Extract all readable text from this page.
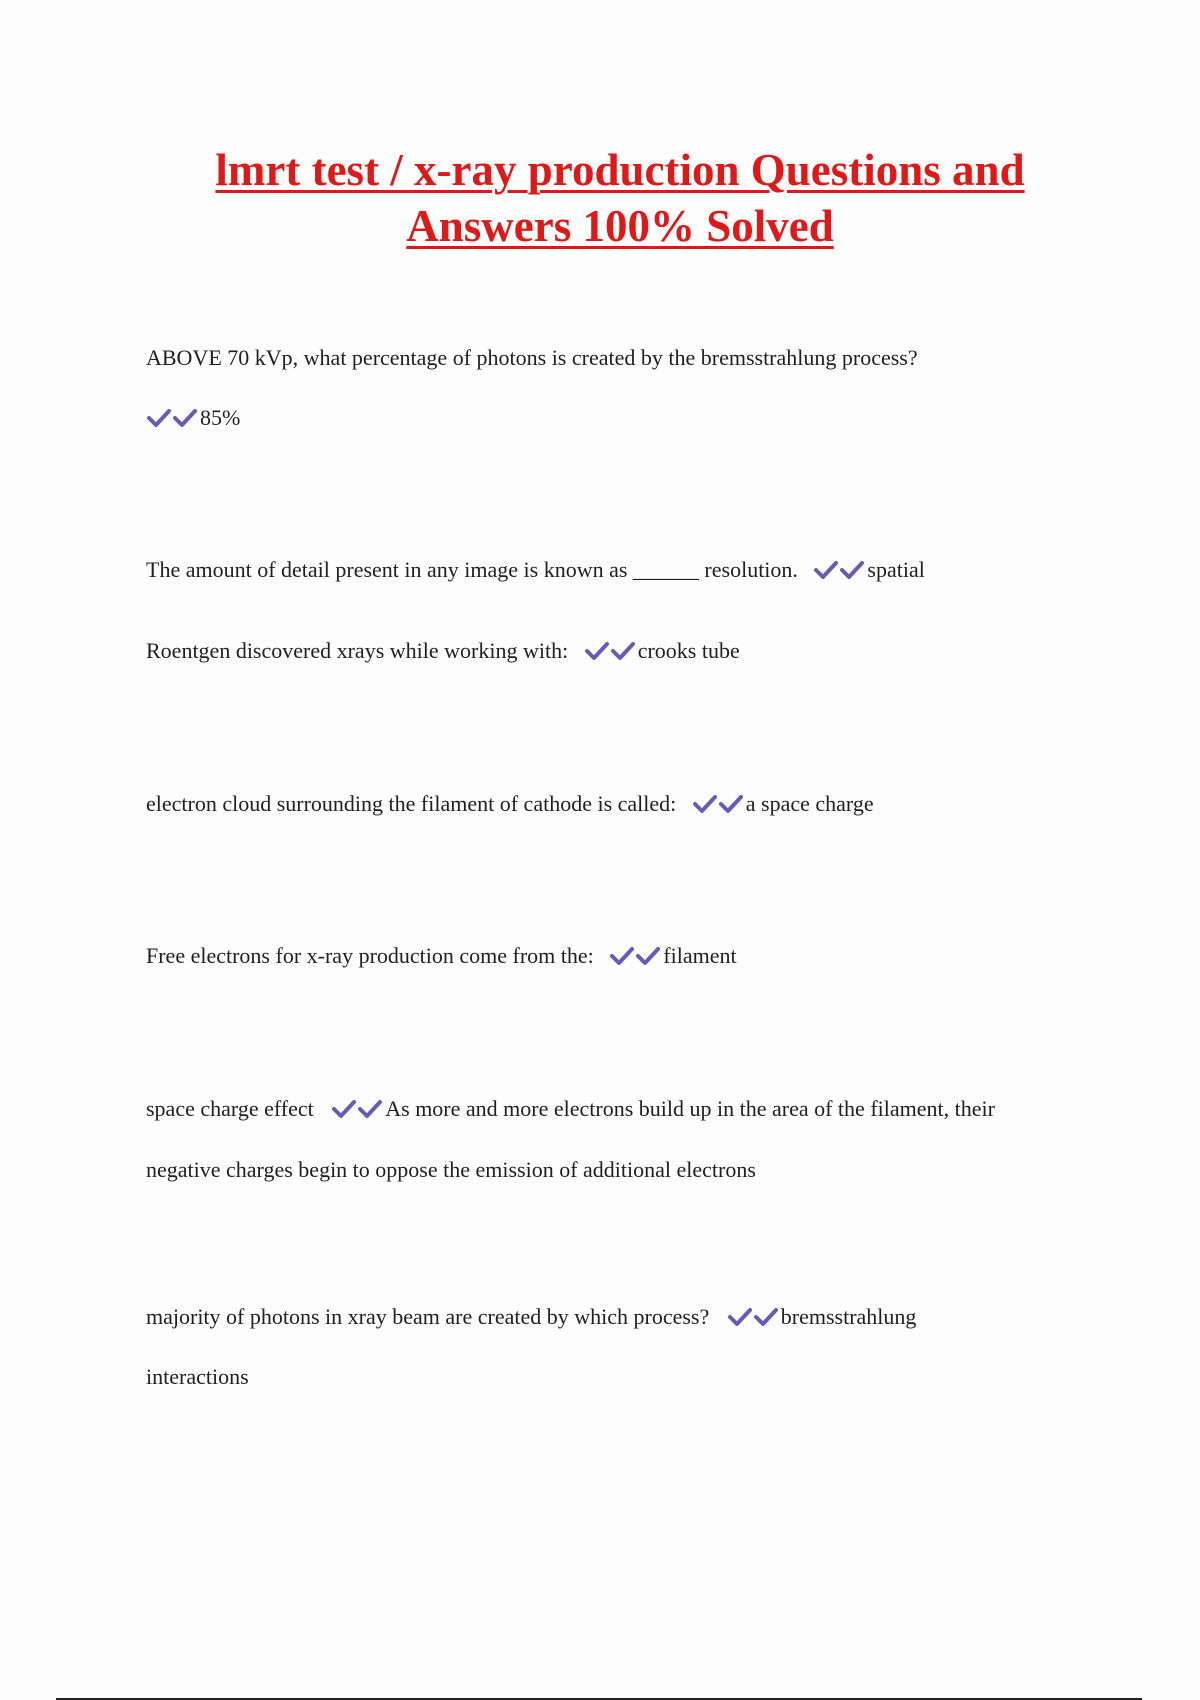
lmrt test / x-ray production Questions and
Answers 100% Solved
ABOVE 70 kVp, what percentage of photons is created by the bremsstrahlung process?
85%
The amount of detail present in any image is known as ______ resolution.	spatial
Roentgen discovered xrays while working with:	crooks tube
electron cloud surrounding the filament of cathode is called:	a space charge
Free electrons for x-ray production come from the:	filament
space charge effect	As more and more electrons build up in the area of the filament, their
negative charges begin to oppose the emission of additional electrons
majority of photons in xray beam are created by which process?	bremsstrahlung
interactions
